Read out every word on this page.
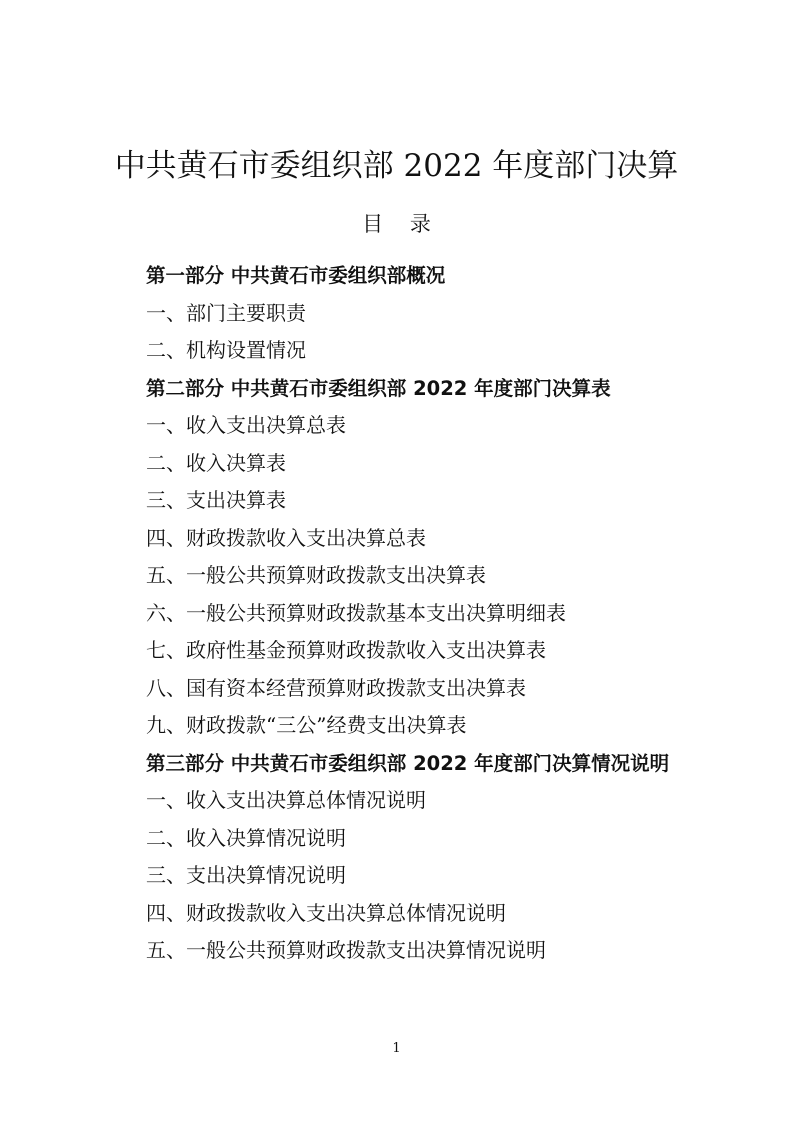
中共黄石市委组织部 2022 年度部门决算
目    录
第一部分 中共黄石市委组织部概况
一、部门主要职责
二、机构设置情况
第二部分 中共黄石市委组织部 2022 年度部门决算表
一、收入支出决算总表
二、收入决算表
三、支出决算表
四、财政拨款收入支出决算总表
五、一般公共预算财政拨款支出决算表
六、一般公共预算财政拨款基本支出决算明细表
七、政府性基金预算财政拨款收入支出决算表
八、国有资本经营预算财政拨款支出决算表
九、财政拨款“三公”经费支出决算表
第三部分 中共黄石市委组织部 2022 年度部门决算情况说明
一、收入支出决算总体情况说明
二、收入决算情况说明
三、支出决算情况说明
四、财政拨款收入支出决算总体情况说明
五、一般公共预算财政拨款支出决算情况说明
1
